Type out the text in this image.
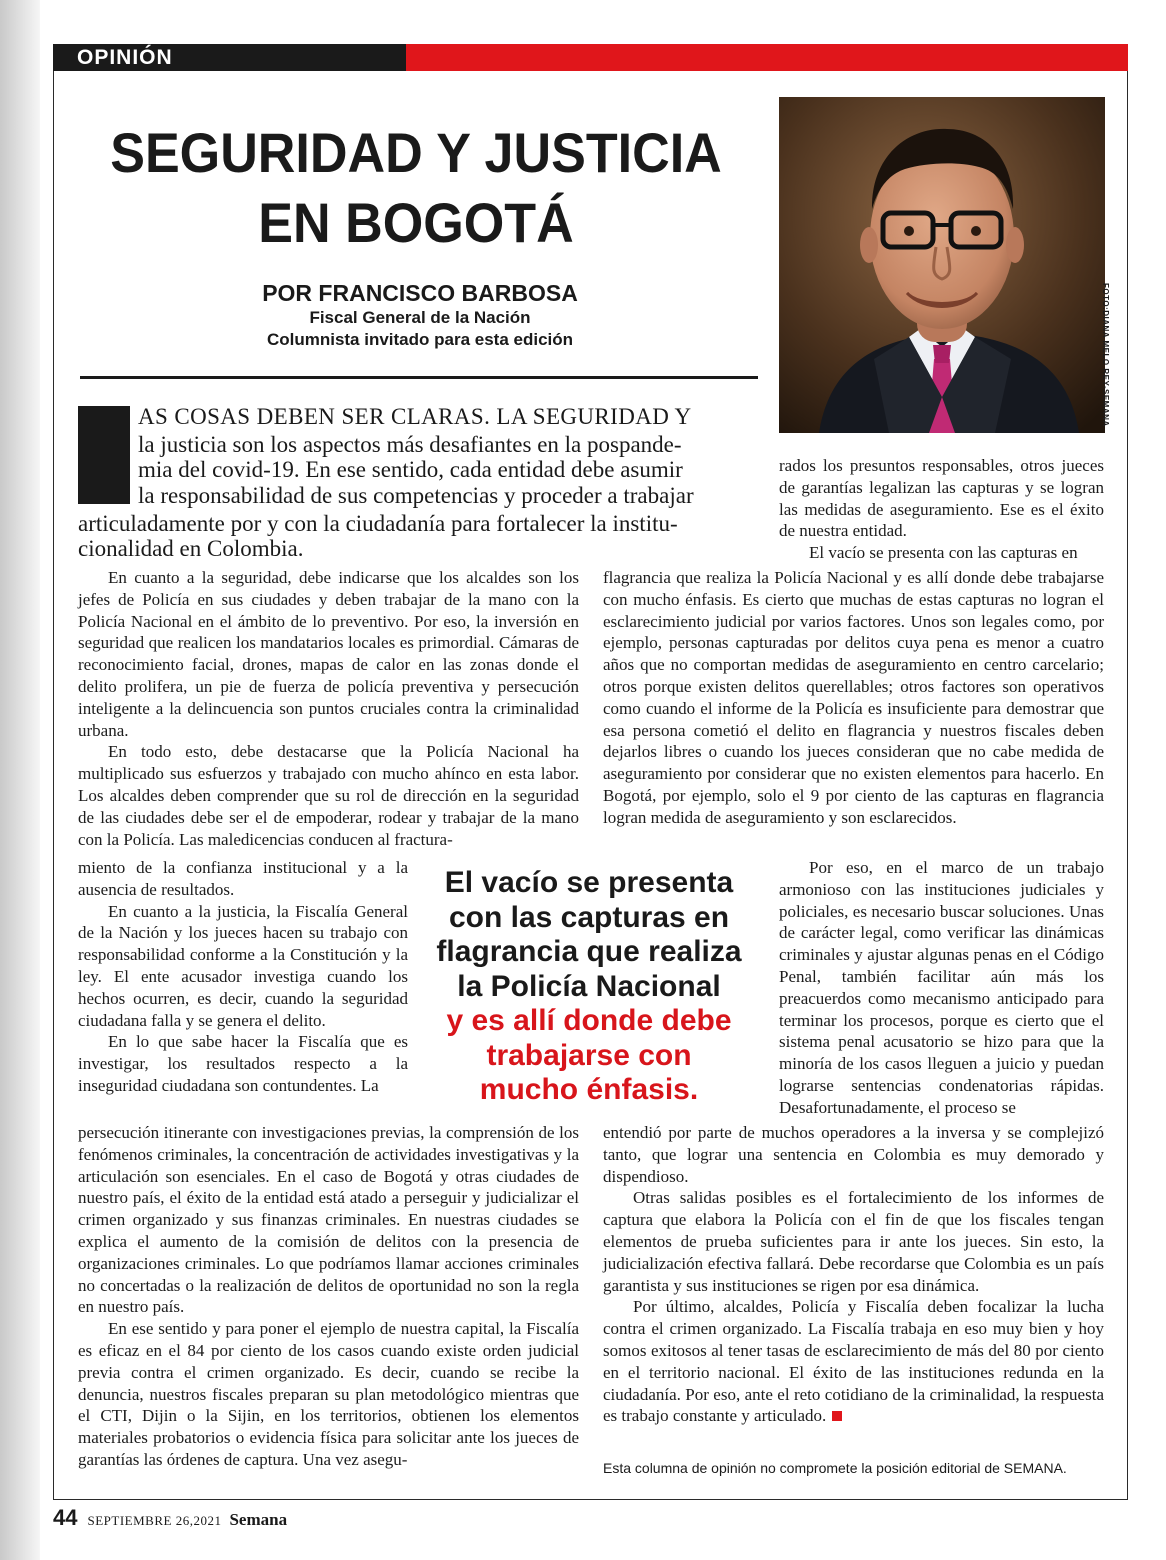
OPINIÓN
SEGURIDAD Y JUSTICIA
EN BOGOTÁ
POR FRANCISCO BARBOSA
Fiscal General de la Nación
Columnista invitado para esta edición	FOTO:DIANA MELO REY-SEMANA
AS COSAS DEBEN SER CLARAS. LA SEGURIDAD Y
la justicia son los aspectos más desafiantes en la pospande-
mia del covid-19. En ese sentido, cada entidad debe asumir
la responsabilidad de sus competencias y proceder a trabajar
articuladamente por y con la ciudadanía para fortalecer la institu-
cionalidad en Colombia.

rados los presuntos responsables, otros jueces de garantías legalizan las capturas y se logran las medidas de aseguramiento. Ese es el éxito de nuestra entidad.

El vacío se presenta con las capturas en

En cuanto a la seguridad, debe indicarse que los alcaldes son los jefes de Policía en sus ciudades y deben trabajar de la mano con la Policía Nacional en el ámbito de lo preventivo. Por eso, la inversión en seguridad que realicen los mandatarios locales es primordial. Cámaras de reconocimiento facial, drones, mapas de calor en las zonas donde el delito prolifera, un pie de fuerza de policía preventiva y persecución inteligente a la delincuencia son puntos cruciales contra la criminalidad urbana.

En todo esto, debe destacarse que la Policía Nacional ha multiplicado sus esfuerzos y trabajado con mucho ahínco en esta labor. Los alcaldes deben comprender que su rol de dirección en la seguridad de las ciudades debe ser el de empoderar, rodear y trabajar de la mano con la Policía. Las maledicencias conducen al fractura-

miento de la confianza institucional y a la ausencia de resultados.

En cuanto a la justicia, la Fiscalía General de la Nación y los jueces hacen su trabajo con responsabilidad conforme a la Constitución y la ley. El ente acusador investiga cuando los hechos ocurren, es decir, cuando la seguridad ciudadana falla y se genera el delito.

En lo que sabe hacer la Fiscalía que es investigar, los resultados respecto a la inseguridad ciudadana son contundentes. La

persecución itinerante con investigaciones previas, la comprensión de los fenómenos criminales, la concentración de actividades investigativas y la articulación son esenciales. En el caso de Bogotá y otras ciudades de nuestro país, el éxito de la entidad está atado a perseguir y judicializar el crimen organizado y sus finanzas criminales. En nuestras ciudades se explica el aumento de la comisión de delitos con la presencia de organizaciones criminales. Lo que podríamos llamar acciones criminales no concertadas o la realización de delitos de oportunidad no son la regla en nuestro país.

En ese sentido y para poner el ejemplo de nuestra capital, la Fiscalía es eficaz en el 84 por ciento de los casos cuando existe orden judicial previa contra el crimen organizado. Es decir, cuando se recibe la denuncia, nuestros fiscales preparan su plan metodológico mientras que el CTI, Dijin o la Sijin, en los territorios, obtienen los elementos materiales probatorios o evidencia física para solicitar ante los jueces de garantías las órdenes de captura. Una vez asegu-

flagrancia que realiza la Policía Nacional y es allí donde debe trabajarse con mucho énfasis. Es cierto que muchas de estas capturas no logran el esclarecimiento judicial por varios factores. Unos son legales como, por ejemplo, personas capturadas por delitos cuya pena es menor a cuatro años que no comportan medidas de aseguramiento en centro carcelario; otros porque existen delitos querellables; otros factores son operativos como cuando el informe de la Policía es insuficiente para demostrar que esa persona cometió el delito en flagrancia y nuestros fiscales deben dejarlos libres o cuando los jueces consideran que no cabe medida de aseguramiento por considerar que no existen elementos para hacerlo. En Bogotá, por ejemplo, solo el 9 por ciento de las capturas en flagrancia logran medida de aseguramiento y son esclarecidos.

Por eso, en el marco de un trabajo armonioso con las instituciones judiciales y policiales, es necesario buscar soluciones. Unas de carácter legal, como verificar las dinámicas criminales y ajustar algunas penas en el Código Penal, también facilitar aún más los preacuerdos como mecanismo anticipado para terminar los procesos, porque es cierto que el sistema penal acusatorio se hizo para que la minoría de los casos lleguen a juicio y puedan lograrse sentencias condenatorias rápidas. Desafortunadamente, el proceso se

entendió por parte de muchos operadores a la inversa y se complejizó tanto, que lograr una sentencia en Colombia es muy demorado y dispendioso.

Otras salidas posibles es el fortalecimiento de los informes de captura que elabora la Policía con el fin de que los fiscales tengan elementos de prueba suficientes para ir ante los jueces. Sin esto, la judicialización efectiva fallará. Debe recordarse que Colombia es un país garantista y sus instituciones se rigen por esa dinámica.

Por último, alcaldes, Policía y Fiscalía deben focalizar la lucha contra el crimen organizado. La Fiscalía trabaja en eso muy bien y hoy somos exitosos al tener tasas de esclarecimiento de más del 80 por ciento en el territorio nacional. El éxito de las instituciones redunda en la ciudadanía. Por eso, ante el reto cotidiano de la criminalidad, la respuesta es trabajo constante y articulado.

El vacío se presenta
con las capturas en
flagrancia que realiza
la Policía Nacional
y es allí donde debe
trabajarse con
mucho énfasis.
Esta columna de opinión no compromete la posición editorial de SEMANA.
44 SEPTIEMBRE 26,2021 Semana
